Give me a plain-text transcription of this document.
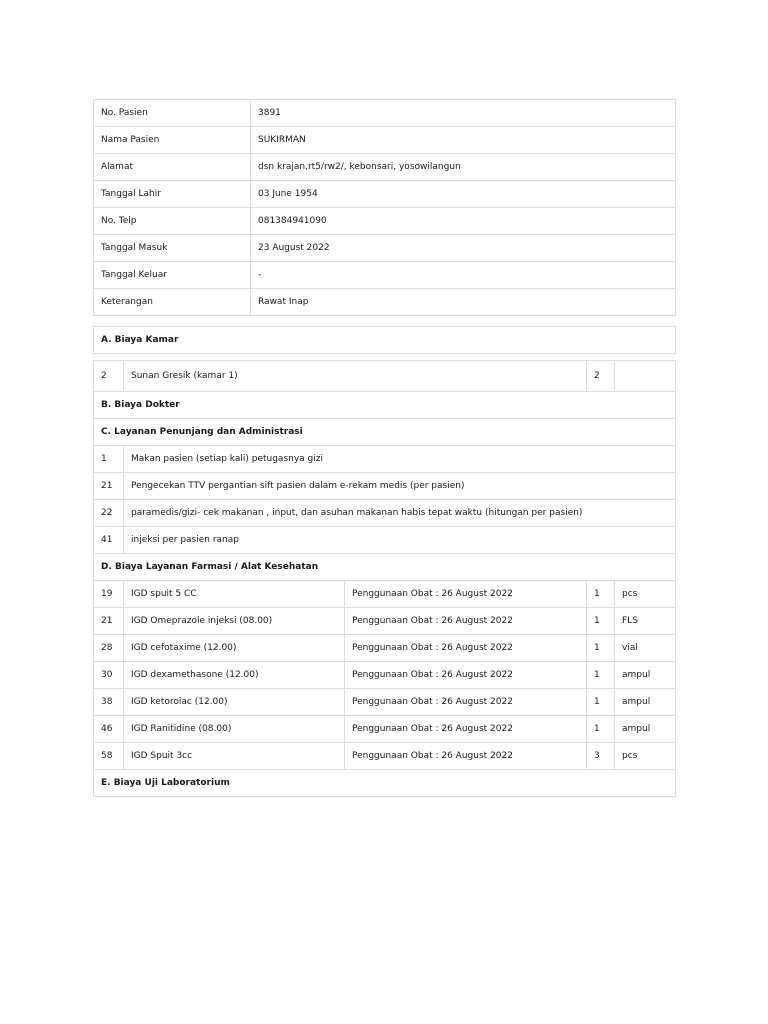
No. Pasien	3891
Nama Pasien	SUKIRMAN
Alamat	dsn krajan,rt5/rw2/, kebonsari, yosowilangun
Tanggal Lahir	03 June 1954
No. Telp	081384941090
Tanggal Masuk	23 August 2022
Tanggal Keluar	-
Keterangan	Rawat Inap
A. Biaya Kamar				

2	Sunan Gresik (kamar 1)		2	
B. Biaya Dokter				
C. Layanan Penunjang dan Administrasi				
1	Makan pasien (setiap kali) petugasnya gizi			
21	Pengecekan TTV pergantian sift pasien dalam e-rekam medis (per pasien)			
22	paramedis/gizi- cek makanan , input, dan asuhan makanan habis tepat waktu (hitungan per pasien)			
41	injeksi per pasien ranap			
D. Biaya Layanan Farmasi / Alat Kesehatan				
19	IGD spuit 5 CC	Penggunaan Obat : 26 August 2022	1	pcs
21	IGD Omeprazole injeksi (08.00)	Penggunaan Obat : 26 August 2022	1	FLS
28	IGD cefotaxime (12.00)	Penggunaan Obat : 26 August 2022	1	vial
30	IGD dexamethasone (12.00)	Penggunaan Obat : 26 August 2022	1	ampul
38	IGD ketorolac (12.00)	Penggunaan Obat : 26 August 2022	1	ampul
46	IGD Ranitidine (08.00)	Penggunaan Obat : 26 August 2022	1	ampul
58	IGD Spuit 3cc	Penggunaan Obat : 26 August 2022	3	pcs
E. Biaya Uji Laboratorium				
